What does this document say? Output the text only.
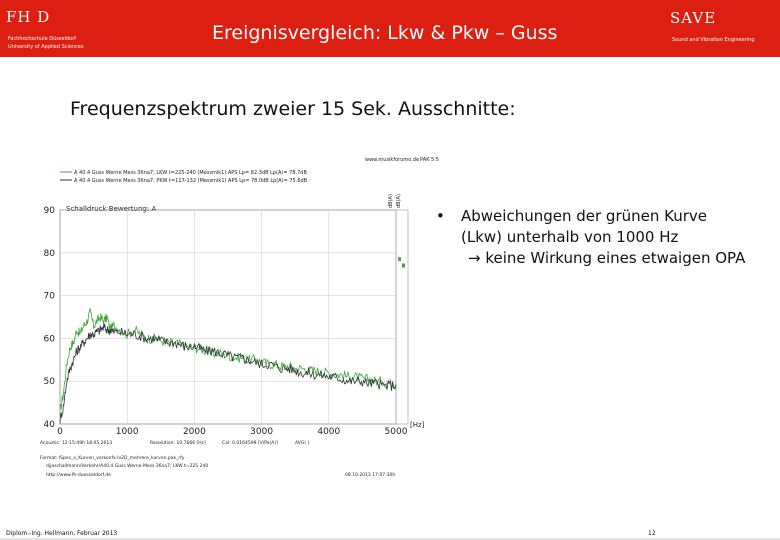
FH D
Fachhochschule Düsseldorf
University of Applied Sciences
Ereignisvergleich: Lkw & Pkw – Guss
SAVE
Sound and Vibration Engineering
Frequenzspektrum zweier 15 Sek. Ausschnitte:
www.musikforumo.de PAK 5.5
A 40.4 Guss Werne Mess 36na7; LKW t=225-240 (Messmik1) APS Lp= 82.3dB Lp(A)= 78.7dB
A 40.4 Guss Werne Mess 36na7; PKW t=117-132 (Messmik1) APS Lp= 78.0dB Lp(A)= 75.6dB
dB(A) dB(A)
Schalldruck Bewertung: A
90
80
70
60
50
40
0	1000	2000	3000	4000	5000
[Hz]
Acoustic: 12:15:49h 18.05.2013	Resolution: 10.7666 [Hz]	Cal: 0.0164599 [V/Pa(A)]	AVG( )
Format: ISpec_x_Kurven_vorkonfx.lv2D_mehrere_kurven.pak_rfy
dijaschallmann/Verkehr/A40.4 Guss Werne Mess 36na7; LKW t=225 240
http://www.fh-duesseldorf.de	08.10.2013 17:07:30h
• Abweichungen der grünen Kurve
(Lkw) unterhalb von 1000 Hz
→ keine Wirkung eines etwaigen OPA
Diplom.-Ing. Hellmann, Februar 2013	12
